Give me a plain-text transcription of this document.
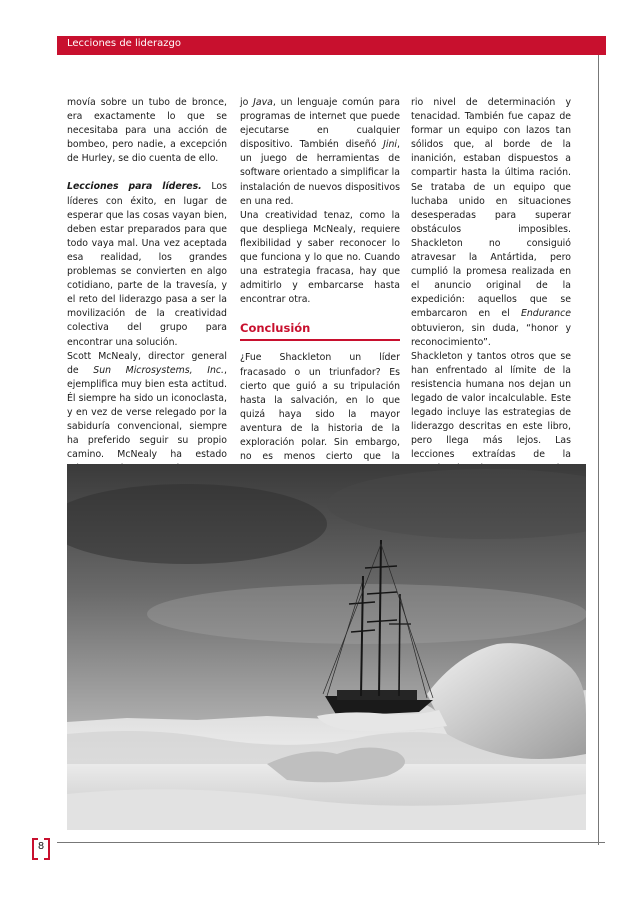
Lecciones de liderazgo

movía sobre un tubo de bronce, era exactamente lo que se necesitaba para una acción de bombeo, pero nadie, a excepción de Hurley, se dio cuenta de ello.

Lecciones para líderes. Los líderes con éxito, en lugar de esperar que las cosas vayan bien, deben estar preparados para que todo vaya mal. Una vez aceptada esa realidad, los grandes problemas se convierten en algo cotidiano, parte de la travesía, y el reto del liderazgo pasa a ser la movilización de la creatividad colectiva del grupo para encontrar una solución.

Scott McNealy, director general de Sun Microsystems, Inc., ejemplifica muy bien esta actitud. Él siempre ha sido un iconoclasta, y en vez de verse relegado por la sabiduría convencional, siempre ha preferido seguir su propio camino. McNealy ha estado

jo Java, un lenguaje común para programas de internet que puede ejecutarse en cualquier dispositivo. También diseñó Jini, un juego de herramientas de software orientado a simplificar la instalación de nuevos dispositivos en una red.

Una creatividad tenaz, como la que despliega McNealy, requiere flexibilidad y saber reconocer lo que funciona y lo que no. Cuando una estrategia fracasa, hay que admitirlo y embarcarse hasta encontrar otra.

Conclusión

¿Fue Shackleton un líder fracasado o un triunfador? Es cierto que guió a su tripulación hasta la salvación, en lo que quizá haya sido la mayor aventura de la historia de la exploración polar. Sin embargo, no es menos cierto que la

rio nivel de determinación y tenacidad. También fue capaz de formar un equipo con lazos tan sólidos que, al borde de la inanición, estaban dispuestos a compartir hasta la última ración. Se trataba de un equipo que luchaba unido en situaciones desesperadas para superar obstáculos imposibles. Shackleton no consiguió atravesar la Antártida, pero cumplió la promesa realizada en el anuncio original de la expedición: aquellos que se embarcaron en el Endurance obtuvieron, sin duda, “honor y reconocimiento”.

Shackleton y tantos otros que se han enfrentado al límite de la resistencia humana nos dejan un legado de valor incalculable. Este legado incluye las estrategias de liderazgo descritas en este libro, pero llega más lejos. Las lecciones extraídas de la

8
